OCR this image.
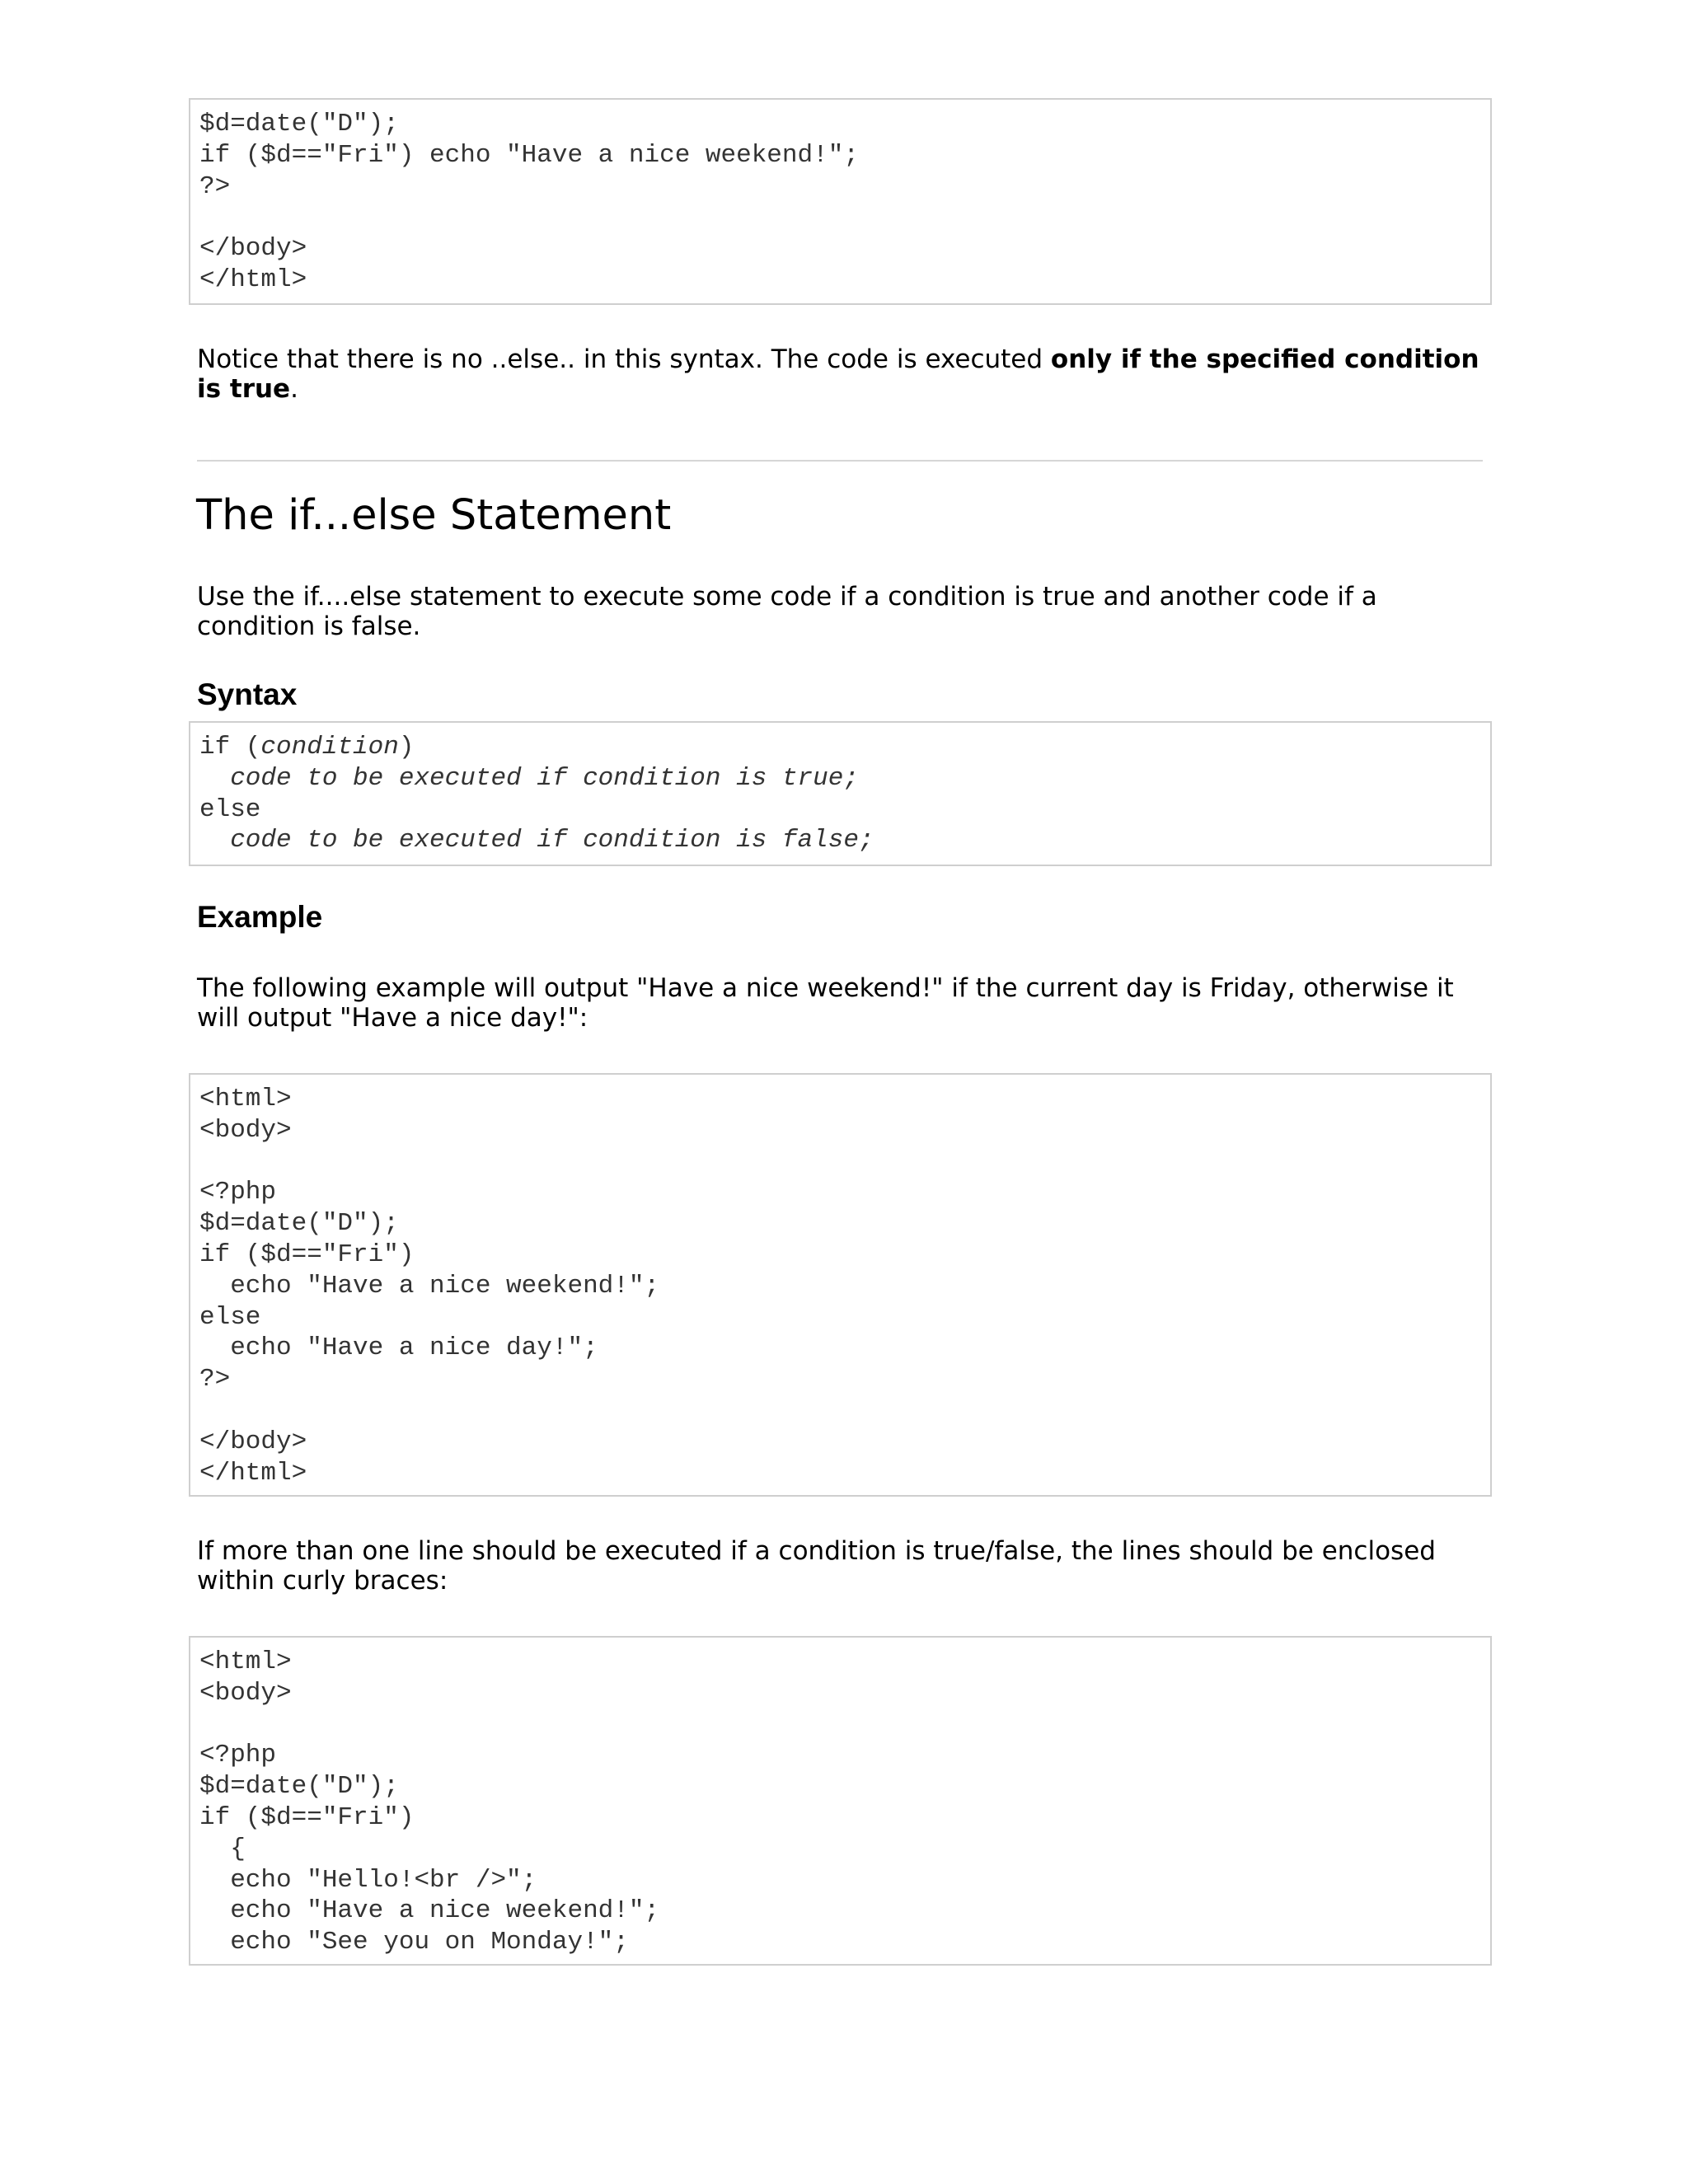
$d=date("D");
if ($d=="Fri") echo "Have a nice weekend!";
?>
</body>
</html>
Notice that there is no ..else.. in this syntax. The code is executed only if the specified condition is true.
The if...else Statement
Use the if....else statement to execute some code if a condition is true and another code if a condition is false.
Syntax
if (condition)
code to be executed if condition is true;
else
code to be executed if condition is false;
Example
The following example will output "Have a nice weekend!" if the current day is Friday, otherwise it will output "Have a nice day!":
<html>
<body>
<?php
$d=date("D");
if ($d=="Fri")
echo "Have a nice weekend!";
else
echo "Have a nice day!";
?>
</body>
</html>
If more than one line should be executed if a condition is true/false, the lines should be enclosed within curly braces:
<html>
<body>
<?php
$d=date("D");
if ($d=="Fri")
{
echo "Hello!<br />";
echo "Have a nice weekend!";
echo "See you on Monday!";
